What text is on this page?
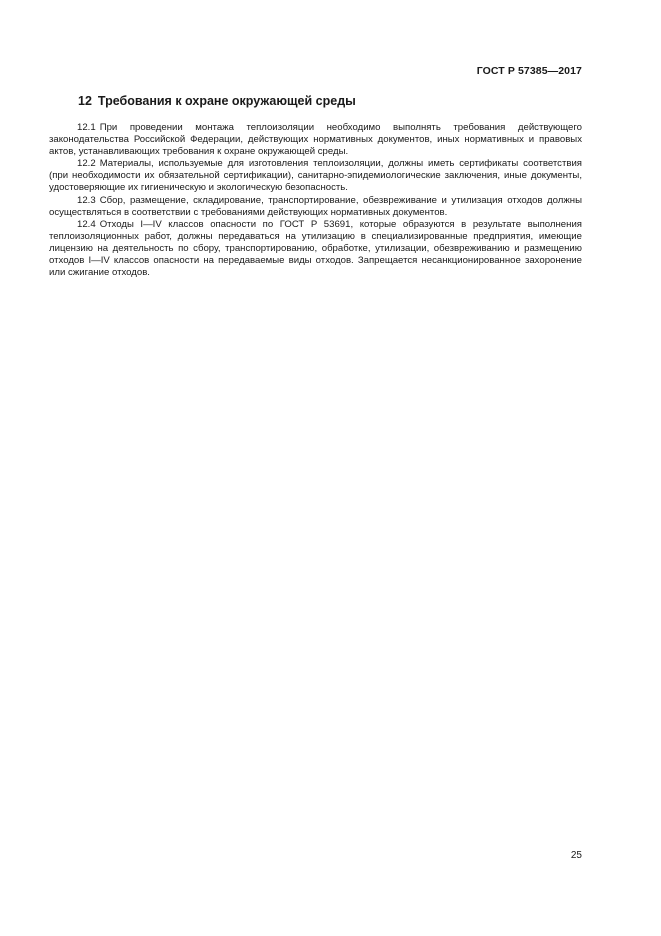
ГОСТ Р 57385—2017
12 Требования к охране окружающей среды

12.1 При проведении монтажа теплоизоляции необходимо выполнять требования действующего законодательства Российской Федерации, действующих нормативных документов, иных нормативных и правовых актов, устанавливающих требования к охране окружающей среды.

12.2 Материалы, используемые для изготовления теплоизоляции, должны иметь сертификаты соответствия (при необходимости их обязательной сертификации), санитарно-эпидемиологические заключения, иные документы, удостоверяющие их гигиеническую и экологическую безопасность.

12.3 Сбор, размещение, складирование, транспортирование, обезвреживание и утилизация отходов должны осуществляться в соответствии с требованиями действующих нормативных документов.

12.4 Отходы I—IV классов опасности по ГОСТ Р 53691, которые образуются в результате выполнения теплоизоляционных работ, должны передаваться на утилизацию в специализированные предприятия, имеющие лицензию на деятельность по сбору, транспортированию, обработке, утилизации, обезвреживанию и размещению отходов I—IV классов опасности на передаваемые виды отходов. Запрещается несанкционированное захоронение или сжигание отходов.

25
